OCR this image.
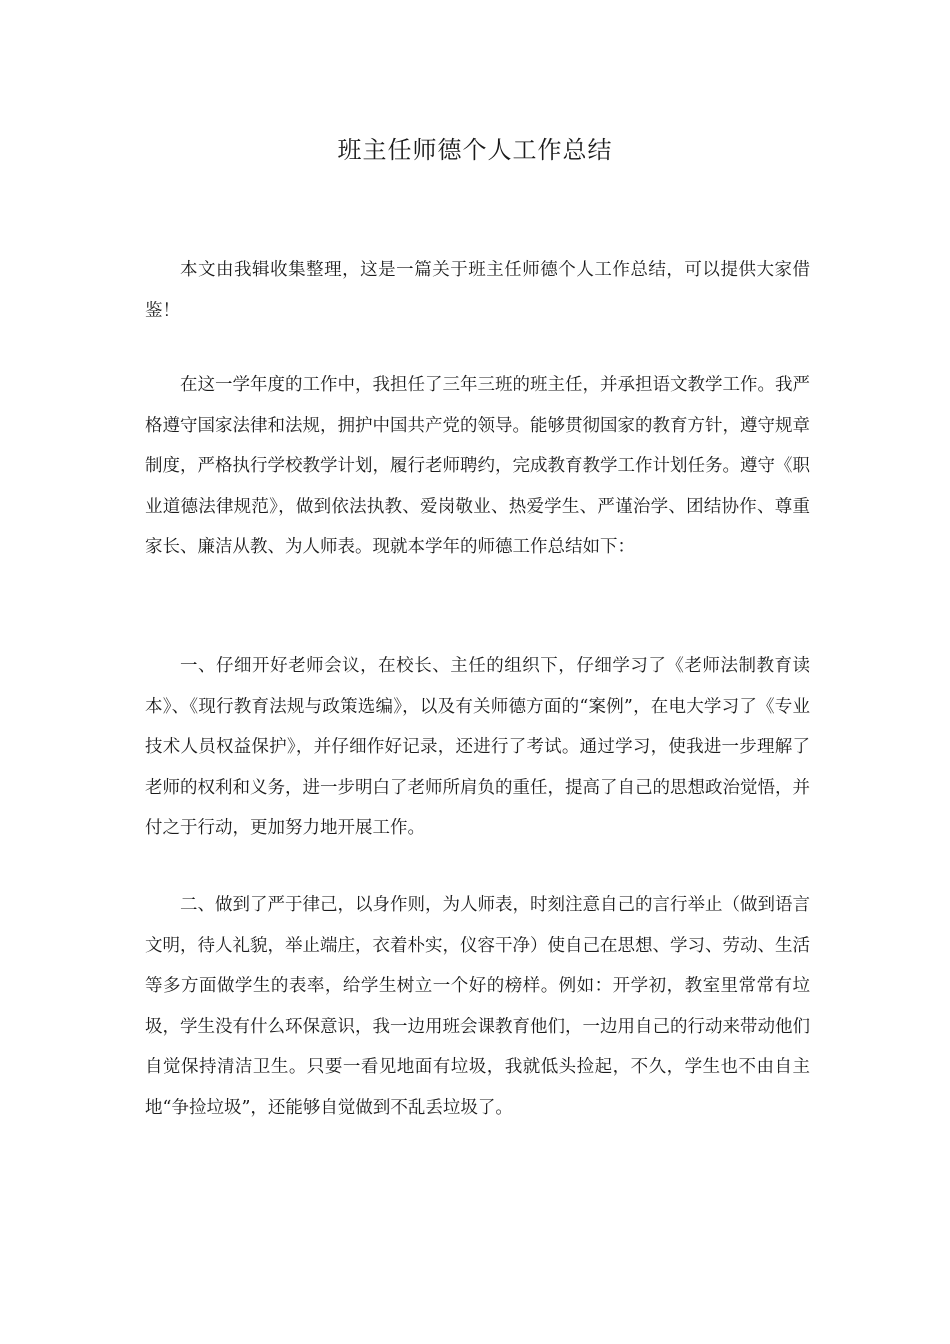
班主任师德个人工作总结

本文由我辑收集整理，这是一篇关于班主任师德个人工作总结，可以提供大家借鉴！

在这一学年度的工作中，我担任了三年三班的班主任，并承担语文教学工作。我严格遵守国家法律和法规，拥护中国共产党的领导。能够贯彻国家的教育方针，遵守规章制度，严格执行学校教学计划，履行老师聘约，完成教育教学工作计划任务。遵守《职业道德法律规范》，做到依法执教、爱岗敬业、热爱学生、严谨治学、团结协作、尊重家长、廉洁从教、为人师表。现就本学年的师德工作总结如下：

一、仔细开好老师会议，在校长、主任的组织下，仔细学习了《老师法制教育读本》、《现行教育法规与政策选编》，以及有关师德方面的“案例”，在电大学习了《专业技术人员权益保护》，并仔细作好记录，还进行了考试。通过学习，使我进一步理解了老师的权利和义务，进一步明白了老师所肩负的重任，提高了自己的思想政治觉悟，并付之于行动，更加努力地开展工作。

二、做到了严于律己，以身作则，为人师表，时刻注意自己的言行举止（做到语言文明，待人礼貌，举止端庄，衣着朴实，仪容干净）使自己在思想、学习、劳动、生活等多方面做学生的表率，给学生树立一个好的榜样。例如：开学初，教室里常常有垃圾，学生没有什么环保意识，我一边用班会课教育他们，一边用自己的行动来带动他们自觉保持清洁卫生。只要一看见地面有垃圾，我就低头捡起，不久，学生也不由自主地“争捡垃圾”，还能够自觉做到不乱丢垃圾了。
